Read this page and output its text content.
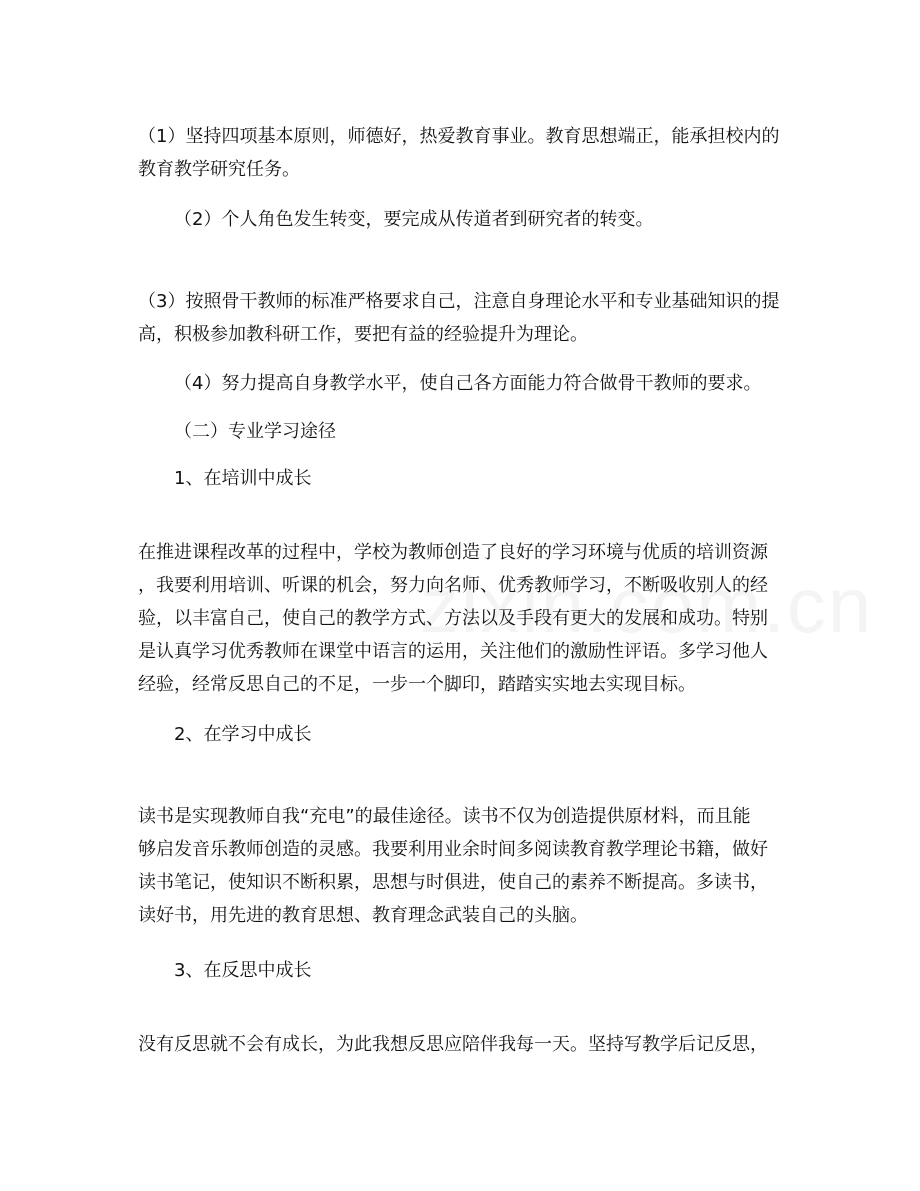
（1）坚持四项基本原则，师德好，热爱教育事业。教育思想端正，能承担校内的
教育教学研究任务。
（2）个人角色发生转变，要完成从传道者到研究者的转变。
（3）按照骨干教师的标准严格要求自己，注意自身理论水平和专业基础知识的提
高，积极参加教科研工作，要把有益的经验提升为理论。
（4）努力提高自身教学水平，使自己各方面能力符合做骨干教师的要求。
（二）专业学习途径
1、在培训中成长
在推进课程改革的过程中，学校为教师创造了良好的学习环境与优质的培训资源
，我要利用培训、听课的机会，努力向名师、优秀教师学习，不断吸收别人的经
验，以丰富自己，使自己的教学方式、方法以及手段有更大的发展和成功。特别
是认真学习优秀教师在课堂中语言的运用，关注他们的激励性评语。多学习他人
经验，经常反思自己的不足，一步一个脚印，踏踏实实地去实现目标。
2、在学习中成长
读书是实现教师自我“充电”的最佳途径。读书不仅为创造提供原材料，而且能
够启发音乐教师创造的灵感。我要利用业余时间多阅读教育教学理论书籍，做好
读书笔记，使知识不断积累，思想与时俱进，使自己的素养不断提高。多读书，
读好书，用先进的教育思想、教育理念武装自己的头脑。
3、在反思中成长
没有反思就不会有成长，为此我想反思应陪伴我每一天。坚持写教学后记反思，
